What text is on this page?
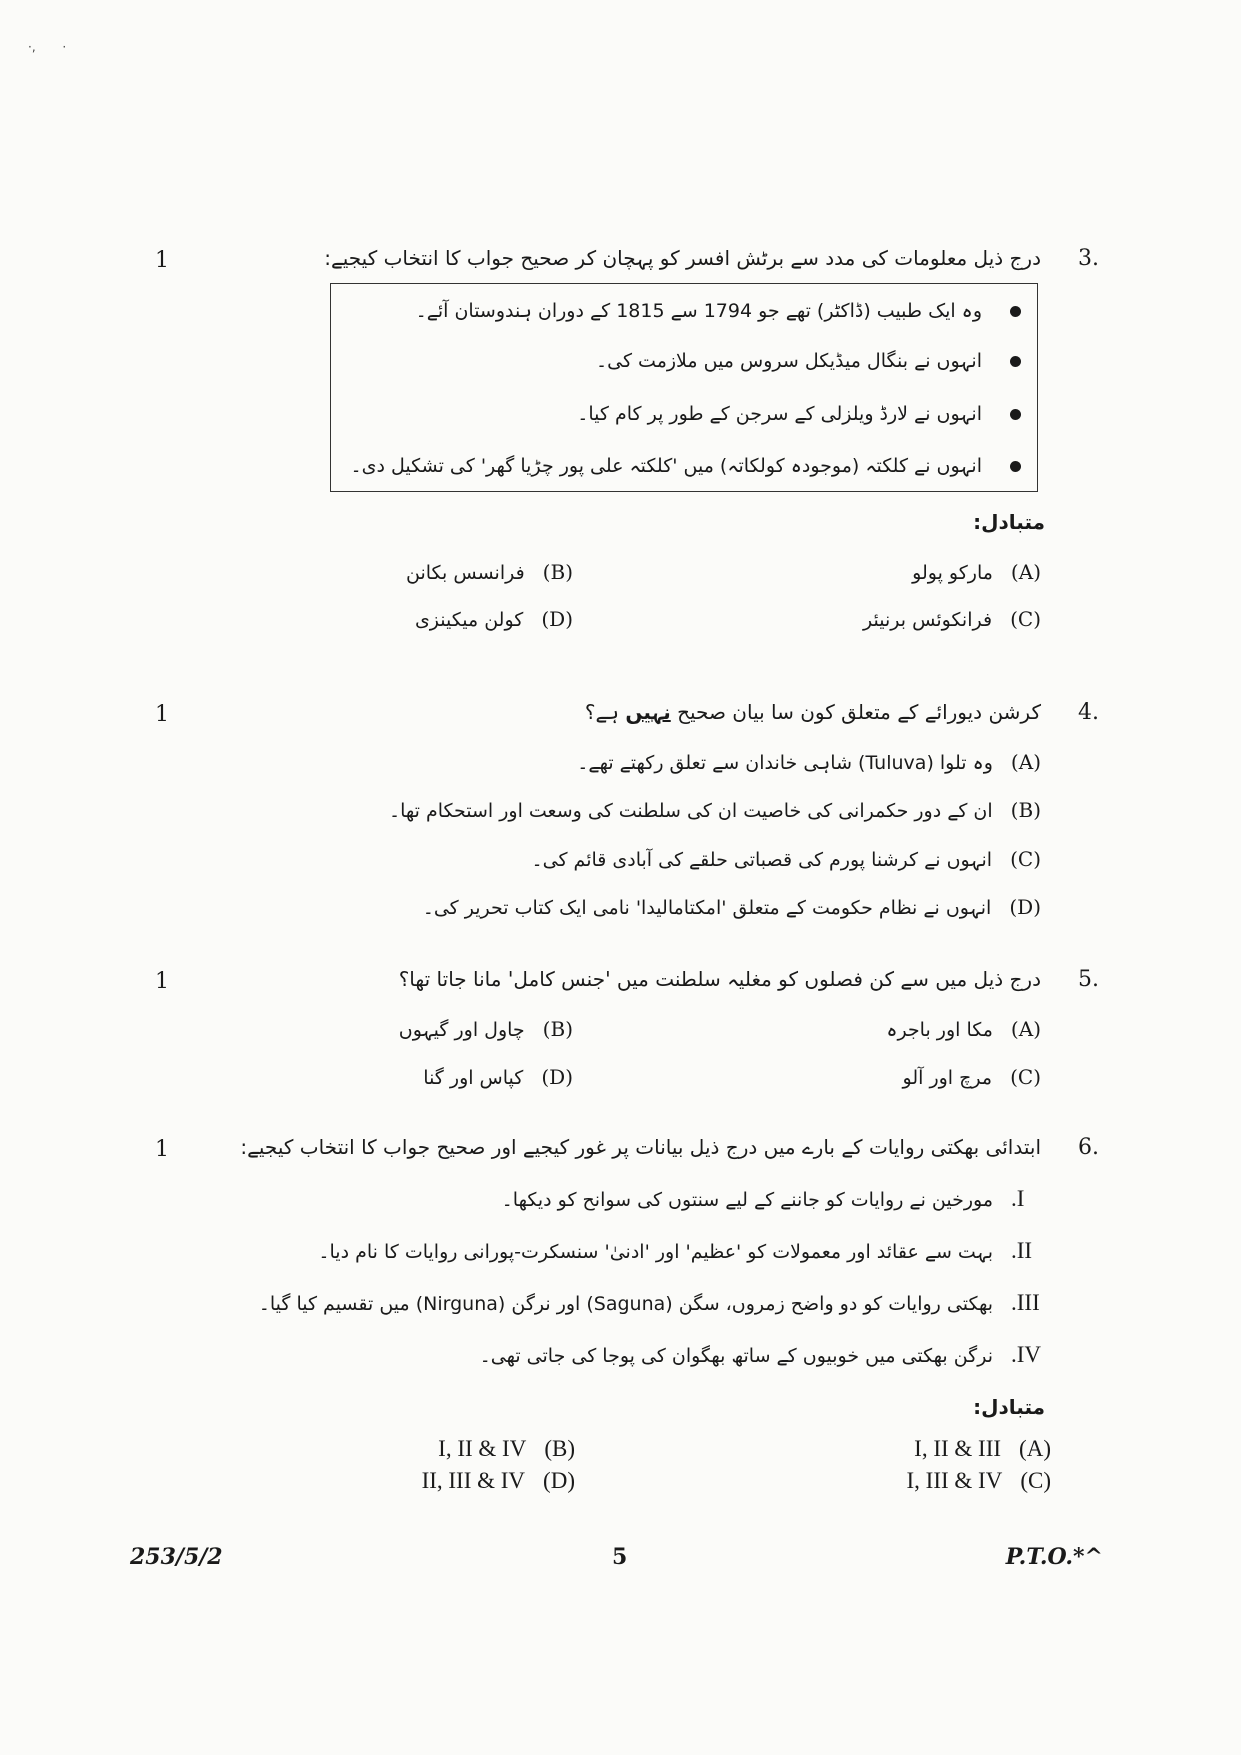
·,       ·
3.
1	درج ذیل معلومات کی مدد سے برٹش افسر کو پہچان کر صحیح جواب کا انتخاب کیجیے:
وہ ایک طبیب (ڈاکٹر) تھے جو 1794 سے 1815 کے دوران ہندوستان آئے۔
انہوں نے بنگال میڈیکل سروس میں ملازمت کی۔
انہوں نے لارڈ ویلزلی کے سرجن کے طور پر کام کیا۔
انہوں نے کلکتہ (موجودہ کولکاتہ) میں 'کلکتہ علی پور چڑیا گھر' کی تشکیل دی۔
متبادل:
(A)
مارکو پولو
(B)
فرانسس بکانن
(C)
فرانکوئس برنیئر
(D)
کولن میکینزی
4.
1	کرشن دیورائے کے متعلق کون سا بیان صحیح نہیں ہے؟
(A)
وہ تلوا (Tuluva) شاہی خاندان سے تعلق رکھتے تھے۔
(B)
ان کے دور حکمرانی کی خاصیت ان کی سلطنت کی وسعت اور استحکام تھا۔
(C)
انہوں نے کرشنا پورم کی قصباتی حلقے کی آبادی قائم کی۔
(D)
انہوں نے نظام حکومت کے متعلق 'امکتامالیدا' نامی ایک کتاب تحریر کی۔
5.
1	درج ذیل میں سے کن فصلوں کو مغلیہ سلطنت میں 'جنس کامل' مانا جاتا تھا؟
(A)
مکا اور باجرہ
(B)
چاول اور گیہوں
(C)
مرچ اور آلو
(D)
کپاس اور گنا
6.
1	ابتدائی بھکتی روایات کے بارے میں درج ذیل بیانات پر غور کیجیے اور صحیح جواب کا انتخاب کیجیے:
I.
مورخین نے روایات کو جاننے کے لیے سنتوں کی سوانح کو دیکھا۔
II.
بہت سے عقائد اور معمولات کو 'عظیم' اور 'ادنیٰ' سنسکرت-پورانی روایات کا نام دیا۔
III.
بھکتی روایات کو دو واضح زمروں، سگن (Saguna) اور نرگن (Nirguna) میں تقسیم کیا گیا۔
IV.
نرگن بھکتی میں خوبیوں کے ساتھ بھگوان کی پوجا کی جاتی تھی۔
متبادل:
(A)
I, II & III
(B)
I, II & IV
(C)
I, III & IV
(D)
II, III & IV
253/5/2	5	P.T.O.*^
